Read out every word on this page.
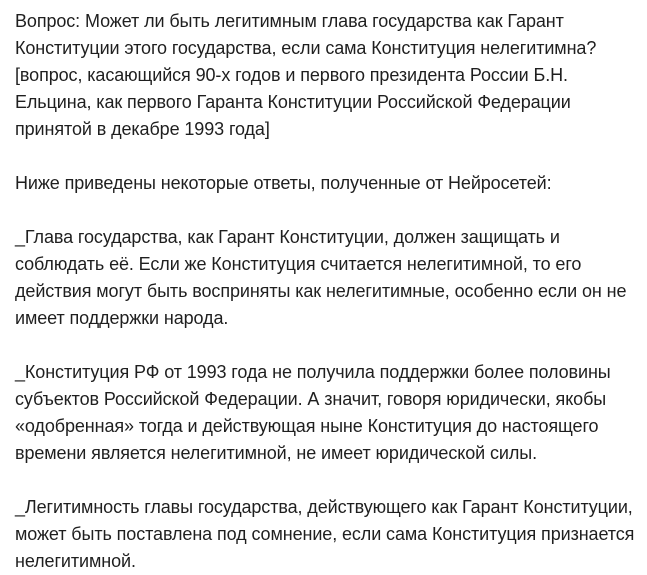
Вопрос: Может ли быть легитимным глава государства как Гарант
Конституции этого государства, если сама Конституция нелегитимна?
[вопрос, касающийся 90-х годов и первого президента России Б.Н.
Ельцина, как первого Гаранта Конституции Российской Федерации
принятой в декабре 1993 года]

Ниже приведены некоторые ответы, полученные от Нейросетей:

_Глава государства, как Гарант Конституции, должен защищать и
соблюдать её. Если же Конституция считается нелегитимной, то его
действия могут быть восприняты как нелегитимные, особенно если он не
имеет поддержки народа.

_Конституция РФ от 1993 года не получила поддержки более половины
субъектов Российской Федерации. А значит, говоря юридически, якобы
«одобренная» тогда и действующая ныне Конституция до настоящего
времени является нелегитимной, не имеет юридической силы.

_Легитимность главы государства, действующего как Гарант Конституции,
может быть поставлена под сомнение, если сама Конституция признается
нелегитимной.
